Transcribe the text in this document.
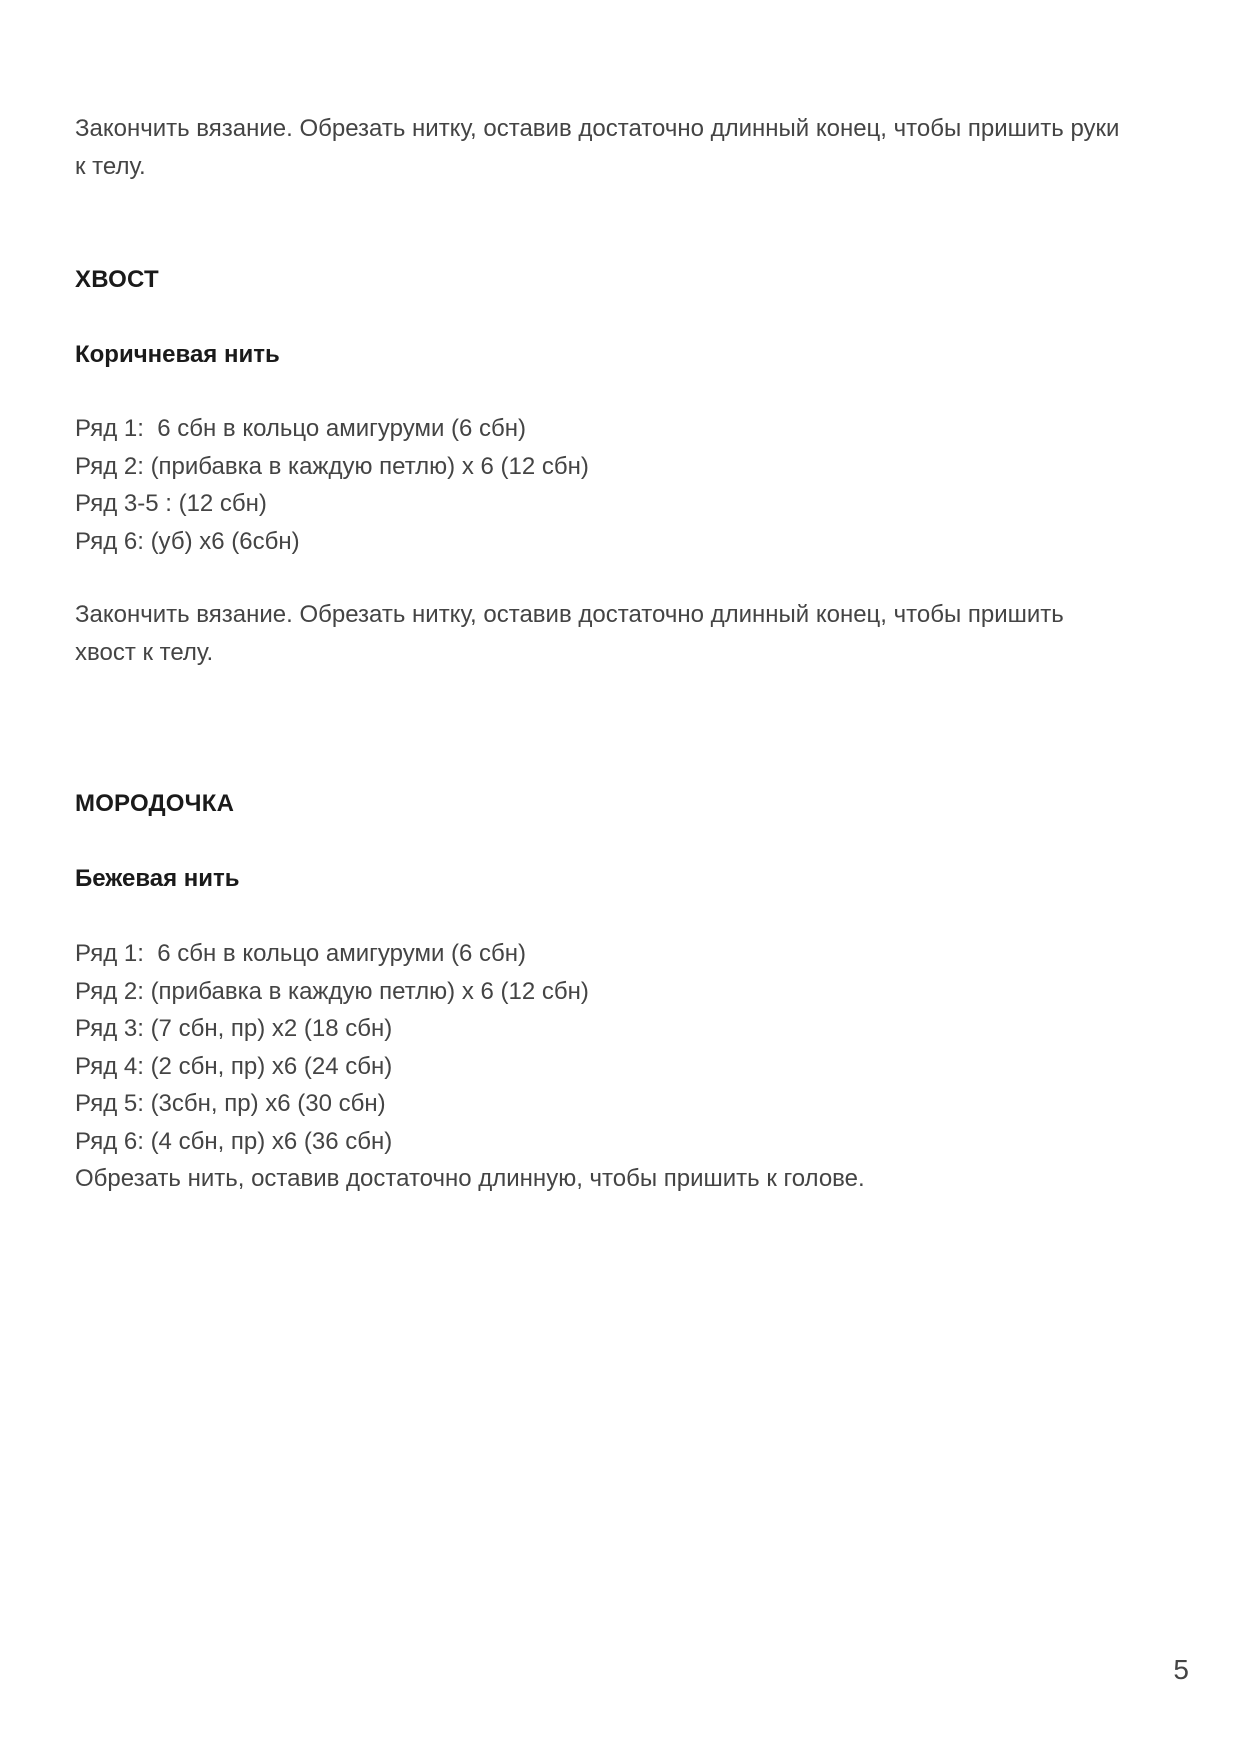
Закончить вязание. Обрезать нитку, оставив достаточно длинный конец, чтобы пришить руки
к телу.

ХВОСТ
Коричневая нить
Ряд 1:  6 сбн в кольцо амигуруми (6 сбн)
Ряд 2: (прибавка в каждую петлю) х 6 (12 сбн)
Ряд 3-5 : (12 сбн)
Ряд 6: (уб) х6 (6сбн)

Закончить вязание. Обрезать нитку, оставив достаточно длинный конец, чтобы пришить
хвост к телу.

МОРОДОЧКА
Бежевая нить
Ряд 1:  6 сбн в кольцо амигуруми (6 сбн)
Ряд 2: (прибавка в каждую петлю) х 6 (12 сбн)
Ряд 3: (7 сбн, пр) х2 (18 сбн)
Ряд 4: (2 сбн, пр) х6 (24 сбн)
Ряд 5: (3сбн, пр) х6 (30 сбн)
Ряд 6: (4 сбн, пр) х6 (36 сбн)
Обрезать нить, оставив достаточно длинную, чтобы пришить к голове.
5
